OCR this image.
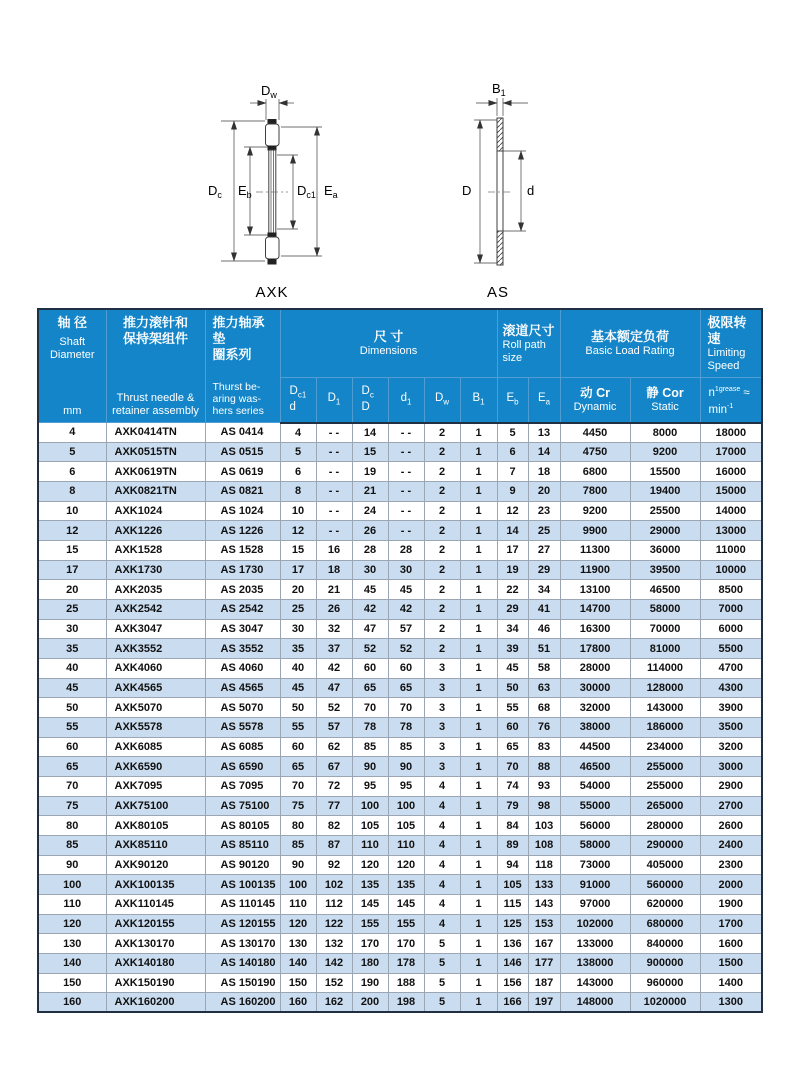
$D_w$
$D_c$ $E_b$	$D_{c1}$ $E_a$
AXK
$B_1$
D	d
AS
轴 径
Shaft
Diameter
mm

推力滚针和
保持架组件
Thrust needle &
retainer assembly

推力轴承垫
圈系列
Thurst be-
aring was-
hers series

尺 寸
Dimensions

滚道尺寸
Roll path
size

基本额定负荷
Basic Load Rating

极限转速
Limiting
Speed

$D_{c1}$
d

$D_1$

$D_c$
D

$d_1$	$D_w$	$B_1$	$E_b$	$E_a$

动 Cr
Dynamic

静 Cor
Static

$n^{1grease}$ ≈
$\min^{-1}$

4	AXK0414TN	AS 0414	4	- -	14	- -	2	1	5	13	4450	8000	18000
5	AXK0515TN	AS 0515	5	- -	15	- -	2	1	6	14	4750	9200	17000
6	AXK0619TN	AS 0619	6	- -	19	- -	2	1	7	18	6800	15500	16000
8	AXK0821TN	AS 0821	8	- -	21	- -	2	1	9	20	7800	19400	15000
10	AXK1024	AS 1024	10	- -	24	- -	2	1	12	23	9200	25500	14000
12	AXK1226	AS 1226	12	- -	26	- -	2	1	14	25	9900	29000	13000
15	AXK1528	AS 1528	15	16	28	28	2	1	17	27	11300	36000	11000
17	AXK1730	AS 1730	17	18	30	30	2	1	19	29	11900	39500	10000
20	AXK2035	AS 2035	20	21	45	45	2	1	22	34	13100	46500	8500
25	AXK2542	AS 2542	25	26	42	42	2	1	29	41	14700	58000	7000
30	AXK3047	AS 3047	30	32	47	57	2	1	34	46	16300	70000	6000
35	AXK3552	AS 3552	35	37	52	52	2	1	39	51	17800	81000	5500
40	AXK4060	AS 4060	40	42	60	60	3	1	45	58	28000	114000	4700
45	AXK4565	AS 4565	45	47	65	65	3	1	50	63	30000	128000	4300
50	AXK5070	AS 5070	50	52	70	70	3	1	55	68	32000	143000	3900
55	AXK5578	AS 5578	55	57	78	78	3	1	60	76	38000	186000	3500
60	AXK6085	AS 6085	60	62	85	85	3	1	65	83	44500	234000	3200
65	AXK6590	AS 6590	65	67	90	90	3	1	70	88	46500	255000	3000
70	AXK7095	AS 7095	70	72	95	95	4	1	74	93	54000	255000	2900
75	AXK75100	AS 75100	75	77	100	100	4	1	79	98	55000	265000	2700
80	AXK80105	AS 80105	80	82	105	105	4	1	84	103	56000	280000	2600
85	AXK85110	AS 85110	85	87	110	110	4	1	89	108	58000	290000	2400
90	AXK90120	AS 90120	90	92	120	120	4	1	94	118	73000	405000	2300
100	AXK100135	AS 100135	100	102	135	135	4	1	105	133	91000	560000	2000
110	AXK110145	AS 110145	110	112	145	145	4	1	115	143	97000	620000	1900
120	AXK120155	AS 120155	120	122	155	155	4	1	125	153	102000	680000	1700
130	AXK130170	AS 130170	130	132	170	170	5	1	136	167	133000	840000	1600
140	AXK140180	AS 140180	140	142	180	178	5	1	146	177	138000	900000	1500
150	AXK150190	AS 150190	150	152	190	188	5	1	156	187	143000	960000	1400
160	AXK160200	AS 160200	160	162	200	198	5	1	166	197	148000	1020000	1300
